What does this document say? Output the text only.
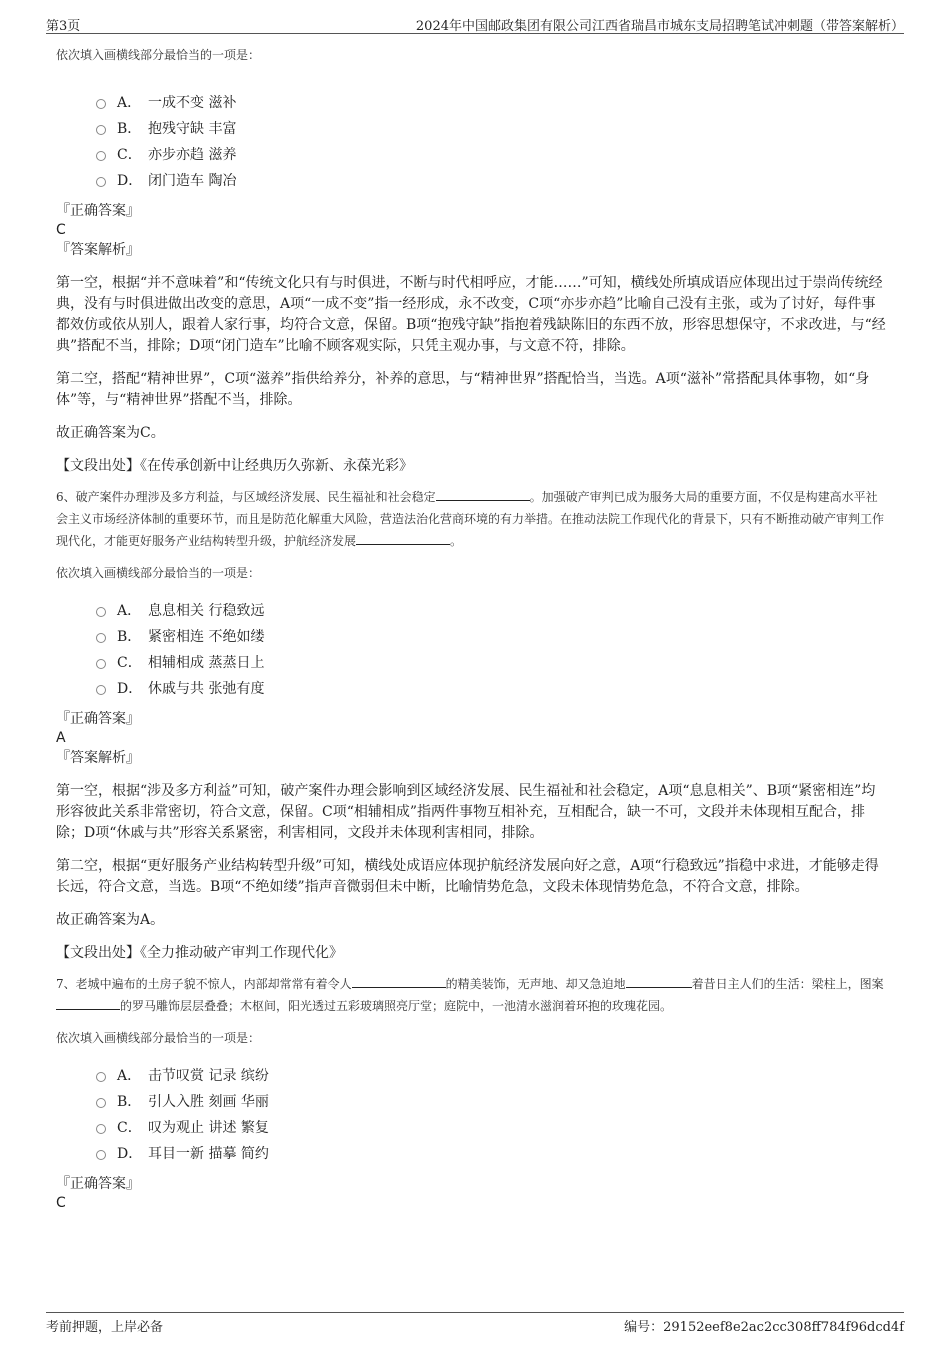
第3页	2024年中国邮政集团有限公司江西省瑞昌市城东支局招聘笔试冲刺题（带答案解析）

依次填入画横线部分最恰当的一项是：

A． 一成不变 滋补
B． 抱残守缺 丰富
C． 亦步亦趋 滋养
D． 闭门造车 陶冶

『正确答案』

C

『答案解析』

第一空，根据“并不意味着”和“传统文化只有与时俱进，不断与时代相呼应，才能……”可知，横线处所填成语应体现出过于崇尚传统经典，没有与时俱进做出改变的意思，A项“一成不变”指一经形成，永不改变，C项“亦步亦趋”比喻自己没有主张，或为了讨好，每件事都效仿或依从别人，跟着人家行事，均符合文意，保留。B项“抱残守缺”指抱着残缺陈旧的东西不放，形容思想保守，不求改进，与“经典”搭配不当，排除；D项“闭门造车”比喻不顾客观实际，只凭主观办事，与文意不符，排除。

第二空，搭配“精神世界”，C项“滋养”指供给养分，补养的意思，与“精神世界”搭配恰当，当选。A项“滋补”常搭配具体事物，如“身体”等，与“精神世界”搭配不当，排除。

故正确答案为C。

【文段出处】《在传承创新中让经典历久弥新、永葆光彩》

6、破产案件办理涉及多方利益，与区域经济发展、民生福祉和社会稳定	。加强破产审判已成为服务大局的重要方面，不仅是构建高水平社会主义市场经济体制的重要环节，而且是防范化解重大风险，营造法治化营商环境的有力举措。在推动法院工作现代化的背景下，只有不断推动破产审判工作现代化，才能更好服务产业结构转型升级，护航经济发展	。

依次填入画横线部分最恰当的一项是：

A． 息息相关 行稳致远
B． 紧密相连 不绝如缕
C． 相辅相成 蒸蒸日上
D． 休戚与共 张弛有度

『正确答案』

A

『答案解析』

第一空，根据“涉及多方利益”可知，破产案件办理会影响到区域经济发展、民生福祉和社会稳定，A项“息息相关”、B项“紧密相连”均形容彼此关系非常密切，符合文意，保留。C项“相辅相成”指两件事物互相补充，互相配合，缺一不可，文段并未体现相互配合，排除；D项“休戚与共”形容关系紧密，利害相同，文段并未体现利害相同，排除。

第二空，根据“更好服务产业结构转型升级”可知，横线处成语应体现护航经济发展向好之意，A项“行稳致远”指稳中求进，才能够走得长远，符合文意，当选。B项“不绝如缕”指声音微弱但未中断，比喻情势危急，文段未体现情势危急，不符合文意，排除。

故正确答案为A。

【文段出处】《全力推动破产审判工作现代化》

7、老城中遍布的土房子貌不惊人，内部却常常有着令人	的精美装饰，无声地、却又急迫地	着昔日主人们的生活：梁柱上，图案的罗马雕饰层层叠叠；木枢间，阳光透过五彩玻璃照亮厅堂；庭院中，一池清水滋润着环抱的玫瑰花园。

依次填入画横线部分最恰当的一项是：

A． 击节叹赏 记录 缤纷
B． 引人入胜 刻画 华丽
C． 叹为观止 讲述 繁复
D． 耳目一新 描摹 简约

『正确答案』

C

考前押题，上岸必备	编号：29152eef8e2ac2cc308ff784f96dcd4f
